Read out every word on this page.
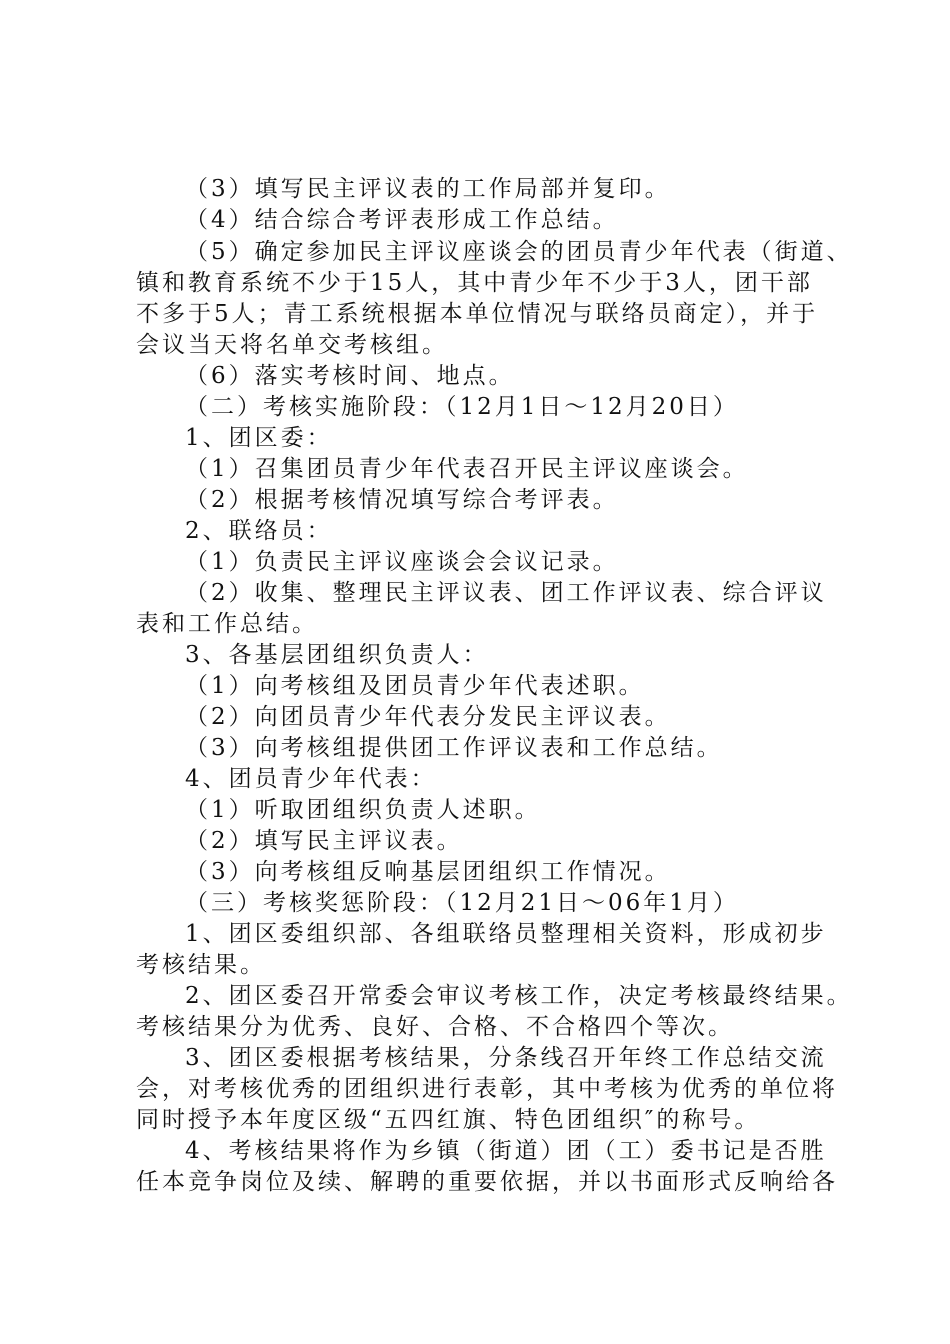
（3）填写民主评议表的工作局部并复印。
（4）结合综合考评表形成工作总结。
（5）确定参加民主评议座谈会的团员青少年代表（街道、
镇和教育系统不少于15人，其中青少年不少于3人，团干部
不多于5人；青工系统根据本单位情况与联络员商定），并于
会议当天将名单交考核组。
（6）落实考核时间、地点。
（二）考核实施阶段：（12月1日～12月20日）
1、团区委：
（1）召集团员青少年代表召开民主评议座谈会。
（2）根据考核情况填写综合考评表。
2、联络员：
（1）负责民主评议座谈会会议记录。
（2）收集、整理民主评议表、团工作评议表、综合评议
表和工作总结。
3、各基层团组织负责人：
（1）向考核组及团员青少年代表述职。
（2）向团员青少年代表分发民主评议表。
（3）向考核组提供团工作评议表和工作总结。
4、团员青少年代表：
（1）听取团组织负责人述职。
（2）填写民主评议表。
（3）向考核组反响基层团组织工作情况。
（三）考核奖惩阶段：（12月21日～06年1月）
1、团区委组织部、各组联络员整理相关资料，形成初步
考核结果。
2、团区委召开常委会审议考核工作，决定考核最终结果。
考核结果分为优秀、良好、合格、不合格四个等次。
3、团区委根据考核结果，分条线召开年终工作总结交流
会，对考核优秀的团组织进行表彰，其中考核为优秀的单位将
同时授予本年度区级“五四红旗、特色团组织″的称号。
4、考核结果将作为乡镇（街道）团（工）委书记是否胜
任本竞争岗位及续、解聘的重要依据，并以书面形式反响给各
